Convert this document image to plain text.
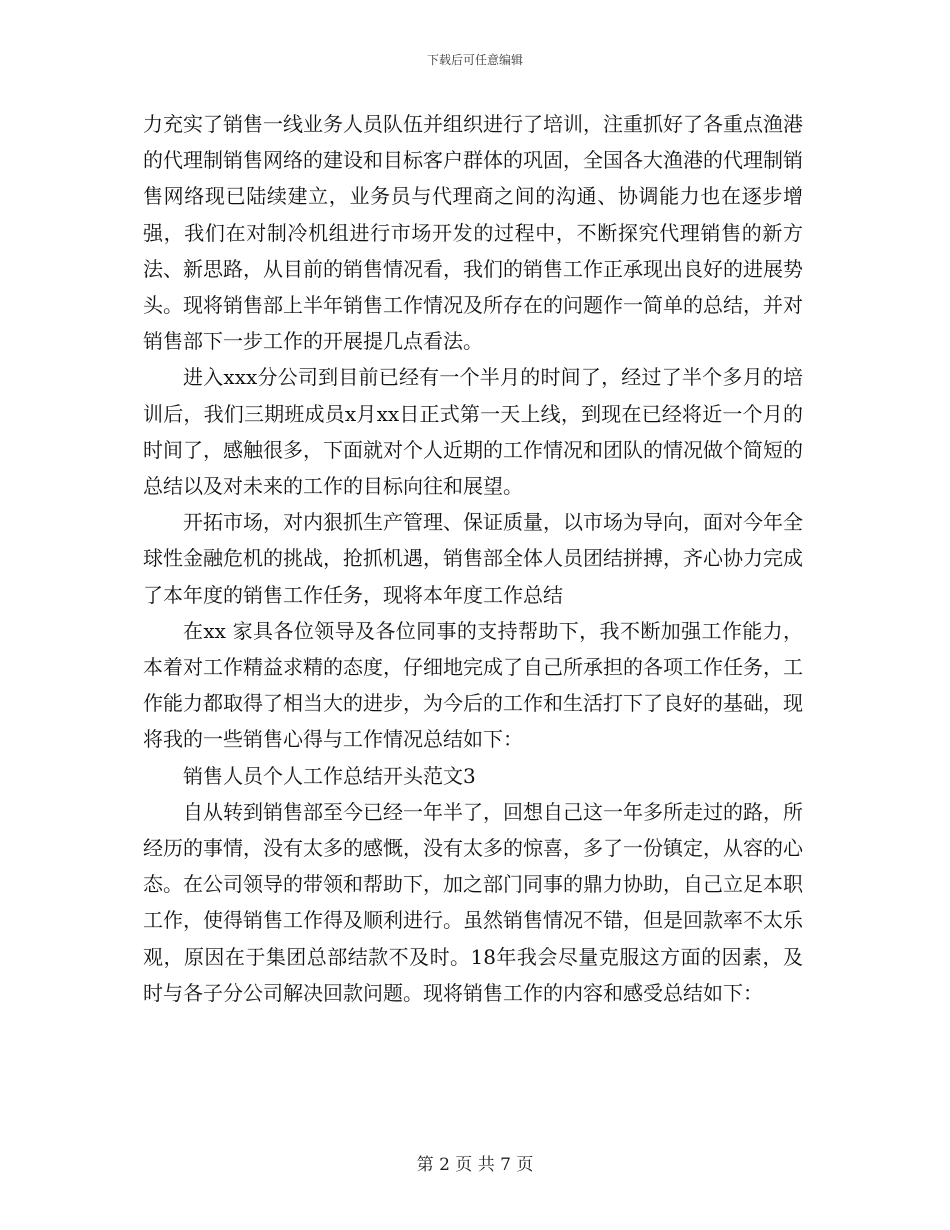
下载后可任意编辑

力充实了销售一线业务人员队伍并组织进行了培训，注重抓好了各重点渔港的代理制销售网络的建设和目标客户群体的巩固，全国各大渔港的代理制销售网络现已陆续建立，业务员与代理商之间的沟通、协调能力也在逐步增强，我们在对制冷机组进行市场开发的过程中，不断探究代理销售的新方法、新思路，从目前的销售情况看，我们的销售工作正承现出良好的进展势头。现将销售部上半年销售工作情况及所存在的问题作一简单的总结，并对销售部下一步工作的开展提几点看法。

进入xxx分公司到目前已经有一个半月的时间了，经过了半个多月的培训后，我们三期班成员x月xx日正式第一天上线，到现在已经将近一个月的时间了，感触很多，下面就对个人近期的工作情况和团队的情况做个简短的总结以及对未来的工作的目标向往和展望。

开拓市场，对内狠抓生产管理、保证质量，以市场为导向，面对今年全球性金融危机的挑战，抢抓机遇，销售部全体人员团结拼搏，齐心协力完成了本年度的销售工作任务，现将本年度工作总结

在xx 家具各位领导及各位同事的支持帮助下，我不断加强工作能力，本着对工作精益求精的态度，仔细地完成了自己所承担的各项工作任务，工作能力都取得了相当大的进步，为今后的工作和生活打下了良好的基础，现将我的一些销售心得与工作情况总结如下：

销售人员个人工作总结开头范文3

自从转到销售部至今已经一年半了，回想自己这一年多所走过的路，所经历的事情，没有太多的感慨，没有太多的惊喜，多了一份镇定，从容的心态。在公司领导的带领和帮助下，加之部门同事的鼎力协助，自己立足本职工作，使得销售工作得及顺利进行。虽然销售情况不错，但是回款率不太乐观，原因在于集团总部结款不及时。18年我会尽量克服这方面的因素，及时与各子分公司解决回款问题。现将销售工作的内容和感受总结如下：

第 2 页 共 7 页
